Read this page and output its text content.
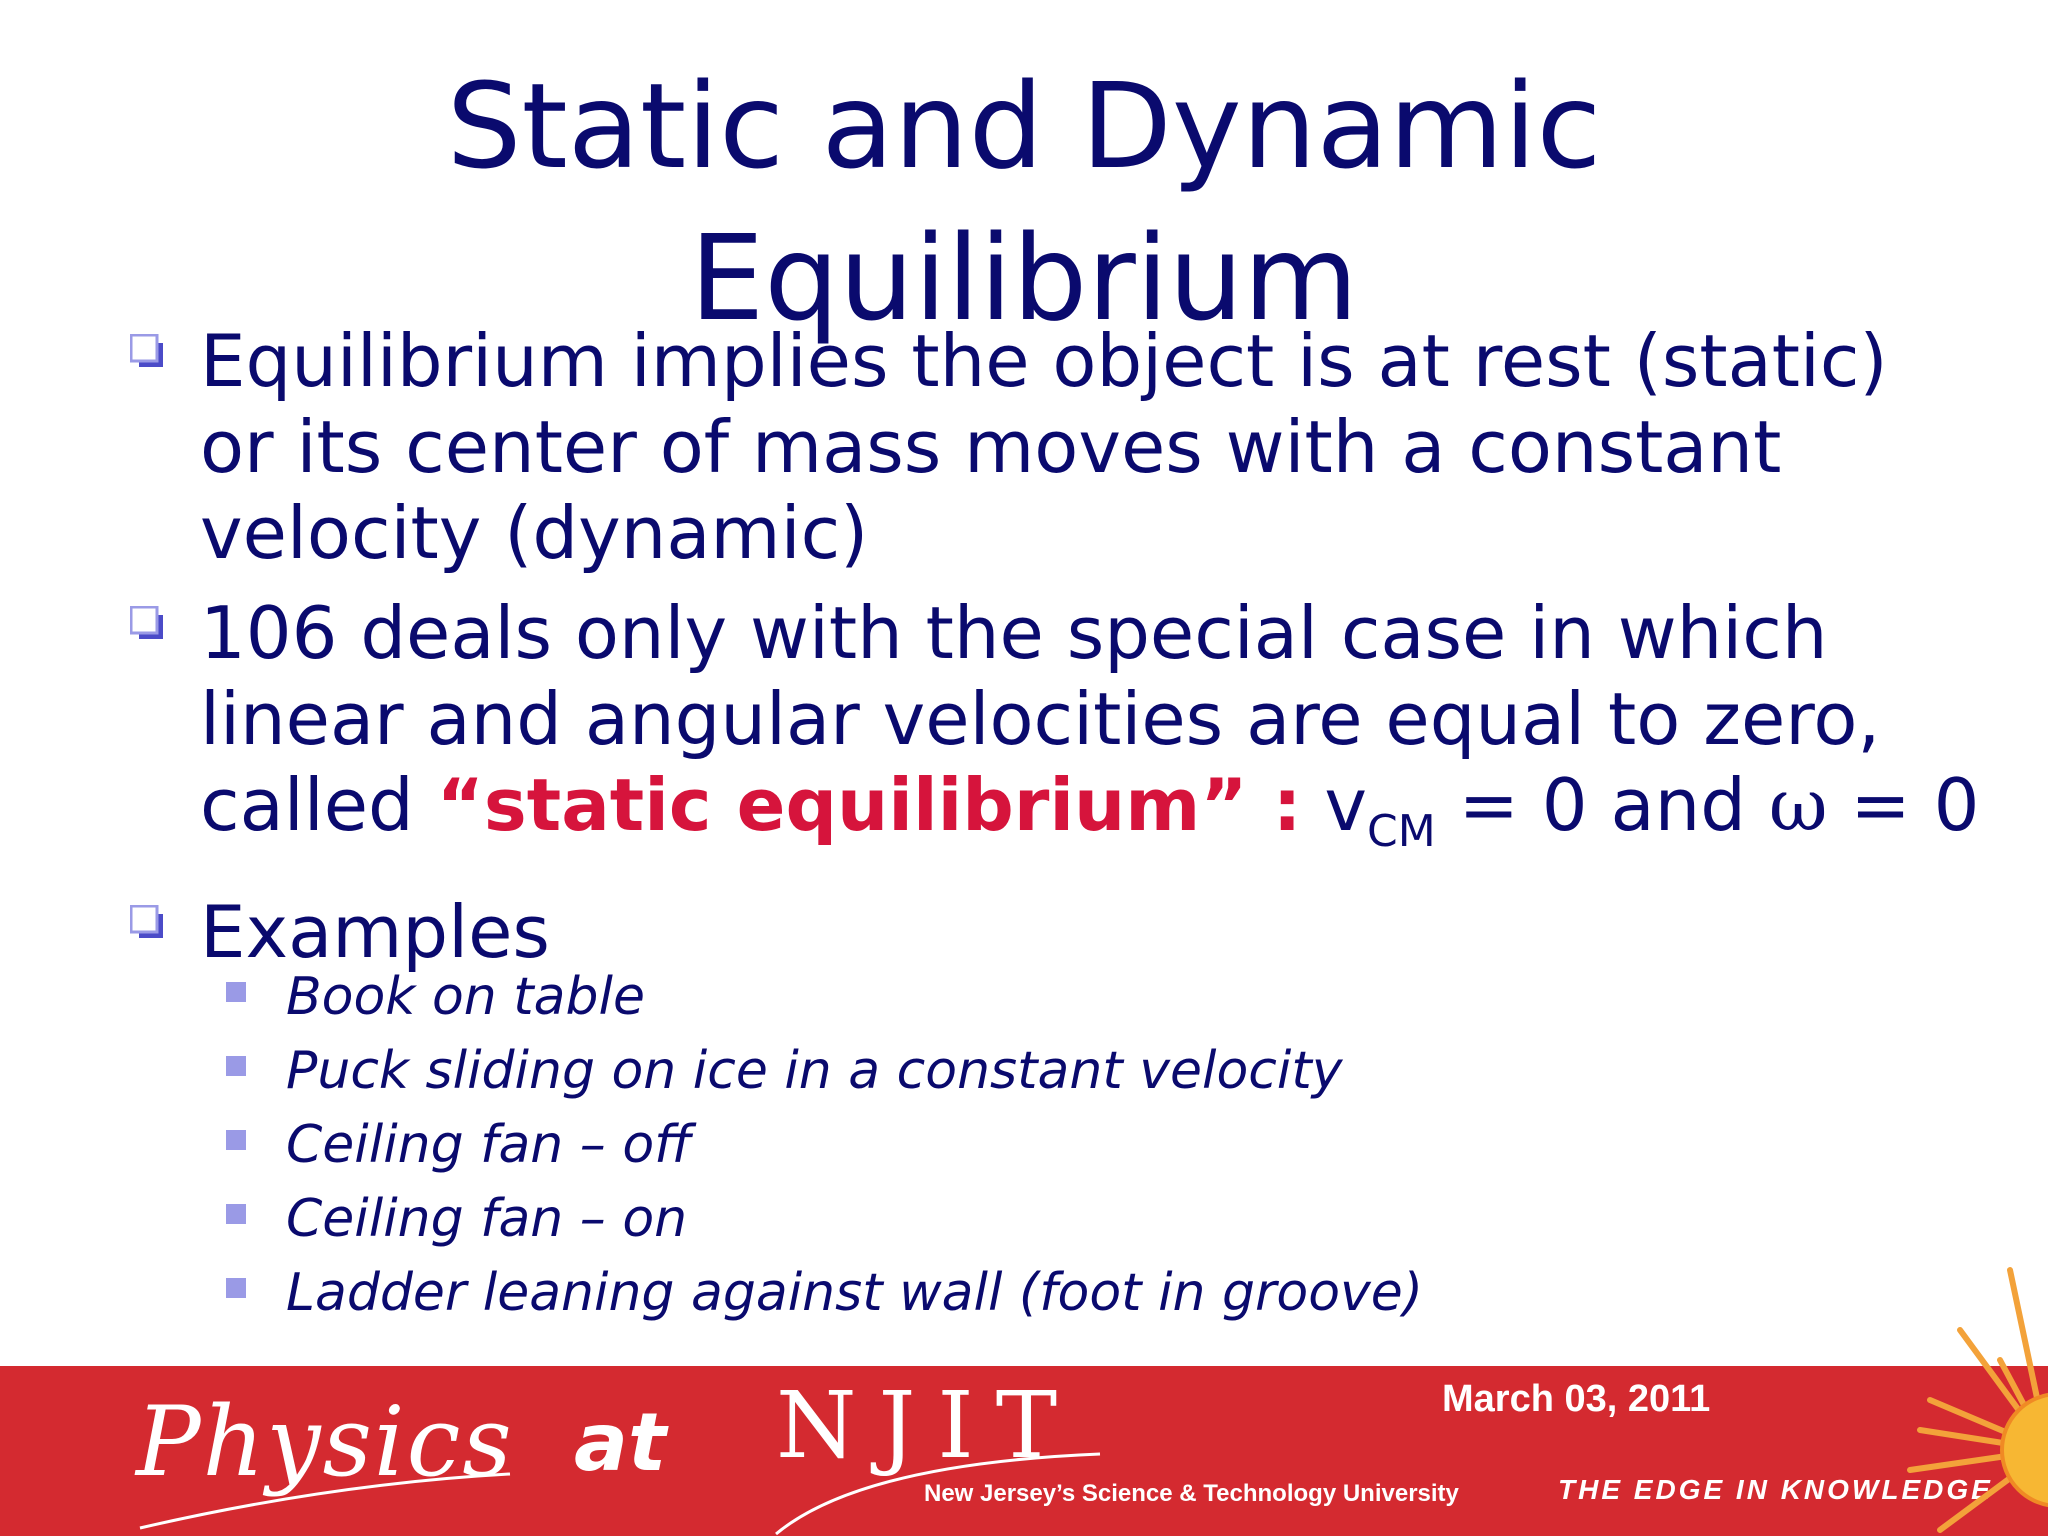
Static and Dynamic
Equilibrium
Equilibrium implies the object is at rest (static)
or its center of mass moves with a constant
velocity (dynamic)
106 deals only with the special case in which
linear and angular velocities are equal to zero,
called “static equilibrium” : $v_{CM} = 0$ and ω = 0
Examples
Book on table
Puck sliding on ice in a constant velocity
Ceiling fan – off
Ceiling fan – on
Ladder leaning against wall (foot in groove)
Physics at NJIT
New Jersey’s Science & Technology University
March 03, 2011
THE EDGE IN KNOWLEDGE
